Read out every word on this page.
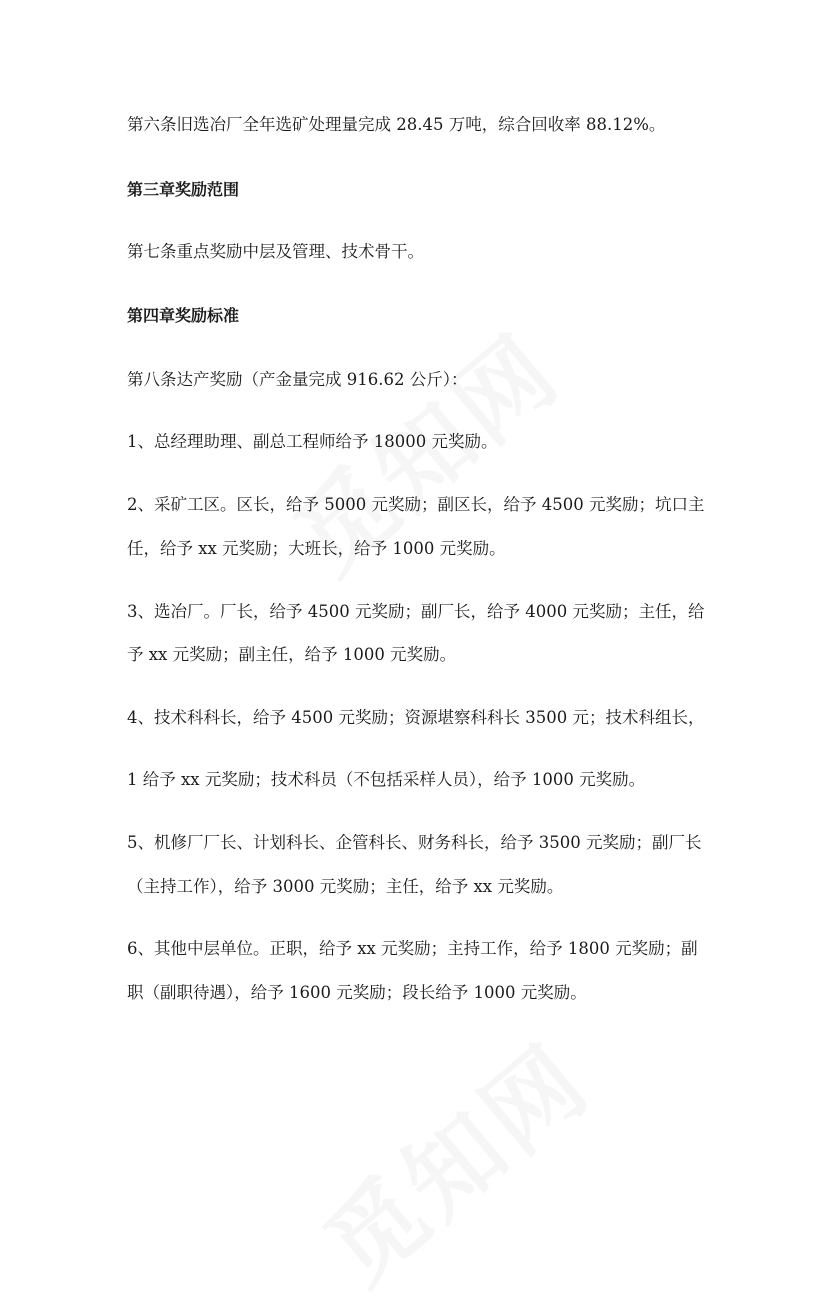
第六条旧选冶厂全年选矿处理量完成 28.45 万吨，综合回收率 88.12%。
第三章奖励范围
第七条重点奖励中层及管理、技术骨干。
第四章奖励标准
第八条达产奖励（产金量完成 916.62 公斤）：
1、总经理助理、副总工程师给予 18000 元奖励。
2、采矿工区。区长，给予 5000 元奖励；副区长，给予 4500 元奖励；坑口主
任，给予 xx 元奖励；大班长，给予 1000 元奖励。
3、选冶厂。厂长，给予 4500 元奖励；副厂长，给予 4000 元奖励；主任，给
予 xx 元奖励；副主任，给予 1000 元奖励。
4、技术科科长，给予 4500 元奖励；资源堪察科科长 3500 元；技术科组长，
1 给予 xx 元奖励；技术科员（不包括采样人员），给予 1000 元奖励。
5、机修厂厂长、计划科长、企管科长、财务科长，给予 3500 元奖励；副厂长
（主持工作），给予 3000 元奖励；主任，给予 xx 元奖励。
6、其他中层单位。正职，给予 xx 元奖励；主持工作，给予 1800 元奖励；副
职（副职待遇），给予 1600 元奖励；段长给予 1000 元奖励。
